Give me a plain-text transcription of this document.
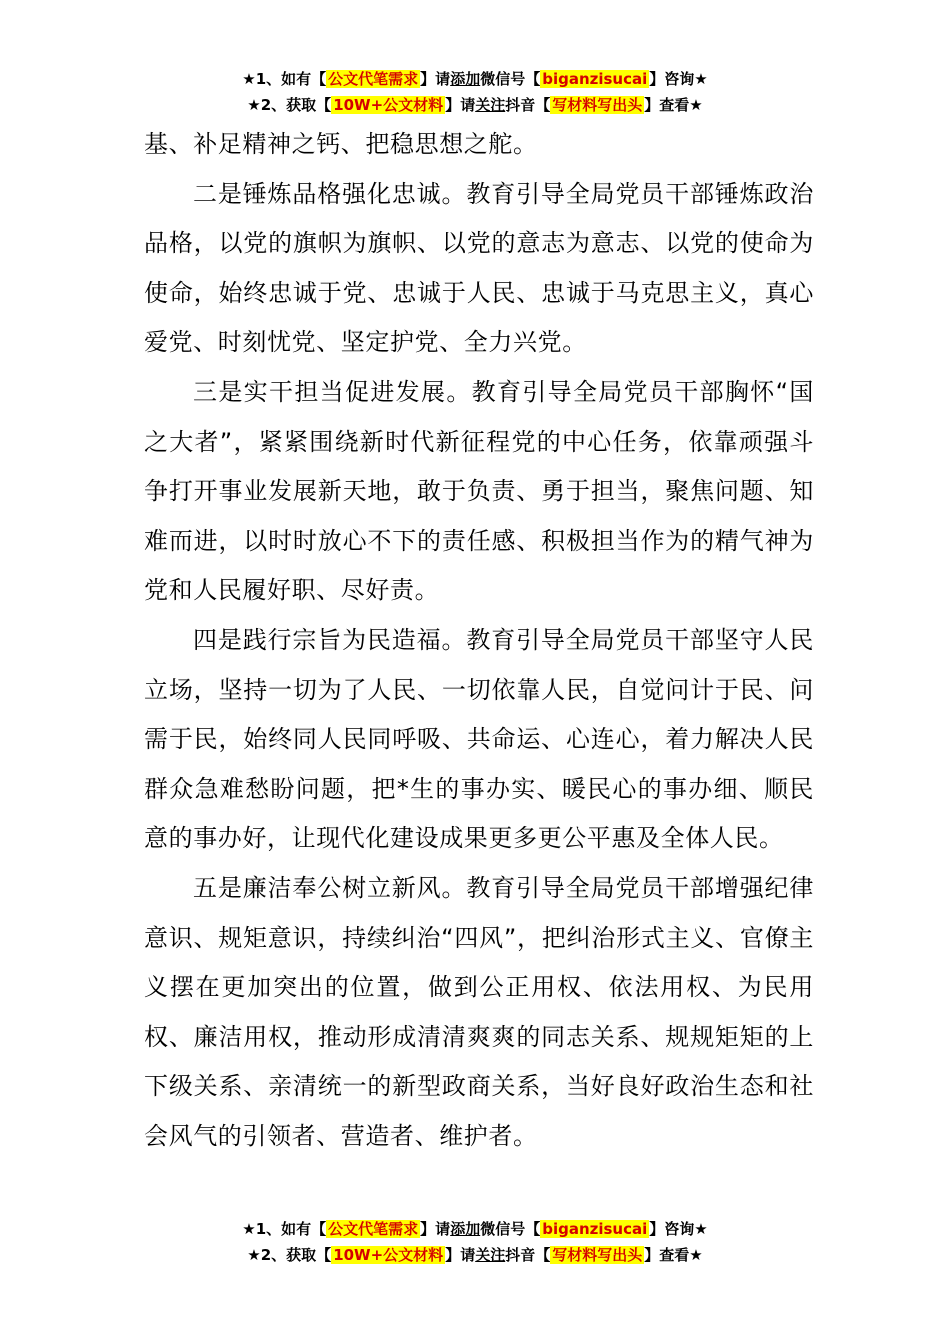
★1、如有【 公文代笔需求 】请添加微信号【 biganzisucai 】咨询★
★2、获取【 10W+公文材料 】请关注抖音【 写材料写出头 】查看★

基、补足精神之钙、把稳思想之舵。

二是锤炼品格强化忠诚。教育引导全局党员干部锤炼政治品格，以党的旗帜为旗帜、以党的意志为意志、以党的使命为使命，始终忠诚于党、忠诚于人民、忠诚于马克思主义，真心爱党、时刻忧党、坚定护党、全力兴党。

三是实干担当促进发展。教育引导全局党员干部胸怀“国之大者”，紧紧围绕新时代新征程党的中心任务，依靠顽强斗争打开事业发展新天地，敢于负责、勇于担当，聚焦问题、知难而进，以时时放心不下的责任感、积极担当作为的精气神为党和人民履好职、尽好责。

四是践行宗旨为民造福。教育引导全局党员干部坚守人民立场，坚持一切为了人民、一切依靠人民，自觉问计于民、问需于民，始终同人民同呼吸、共命运、心连心，着力解决人民群众急难愁盼问题，把*生的事办实、暖民心的事办细、顺民意的事办好，让现代化建设成果更多更公平惠及全体人民。

五是廉洁奉公树立新风。教育引导全局党员干部增强纪律意识、规矩意识，持续纠治“四风”，把纠治形式主义、官僚主义摆在更加突出的位置，做到公正用权、依法用权、为民用权、廉洁用权，推动形成清清爽爽的同志关系、规规矩矩的上下级关系、亲清统一的新型政商关系，当好良好政治生态和社会风气的引领者、营造者、维护者。

★1、如有【 公文代笔需求 】请添加微信号【 biganzisucai 】咨询★
★2、获取【 10W+公文材料 】请关注抖音【 写材料写出头 】查看★
